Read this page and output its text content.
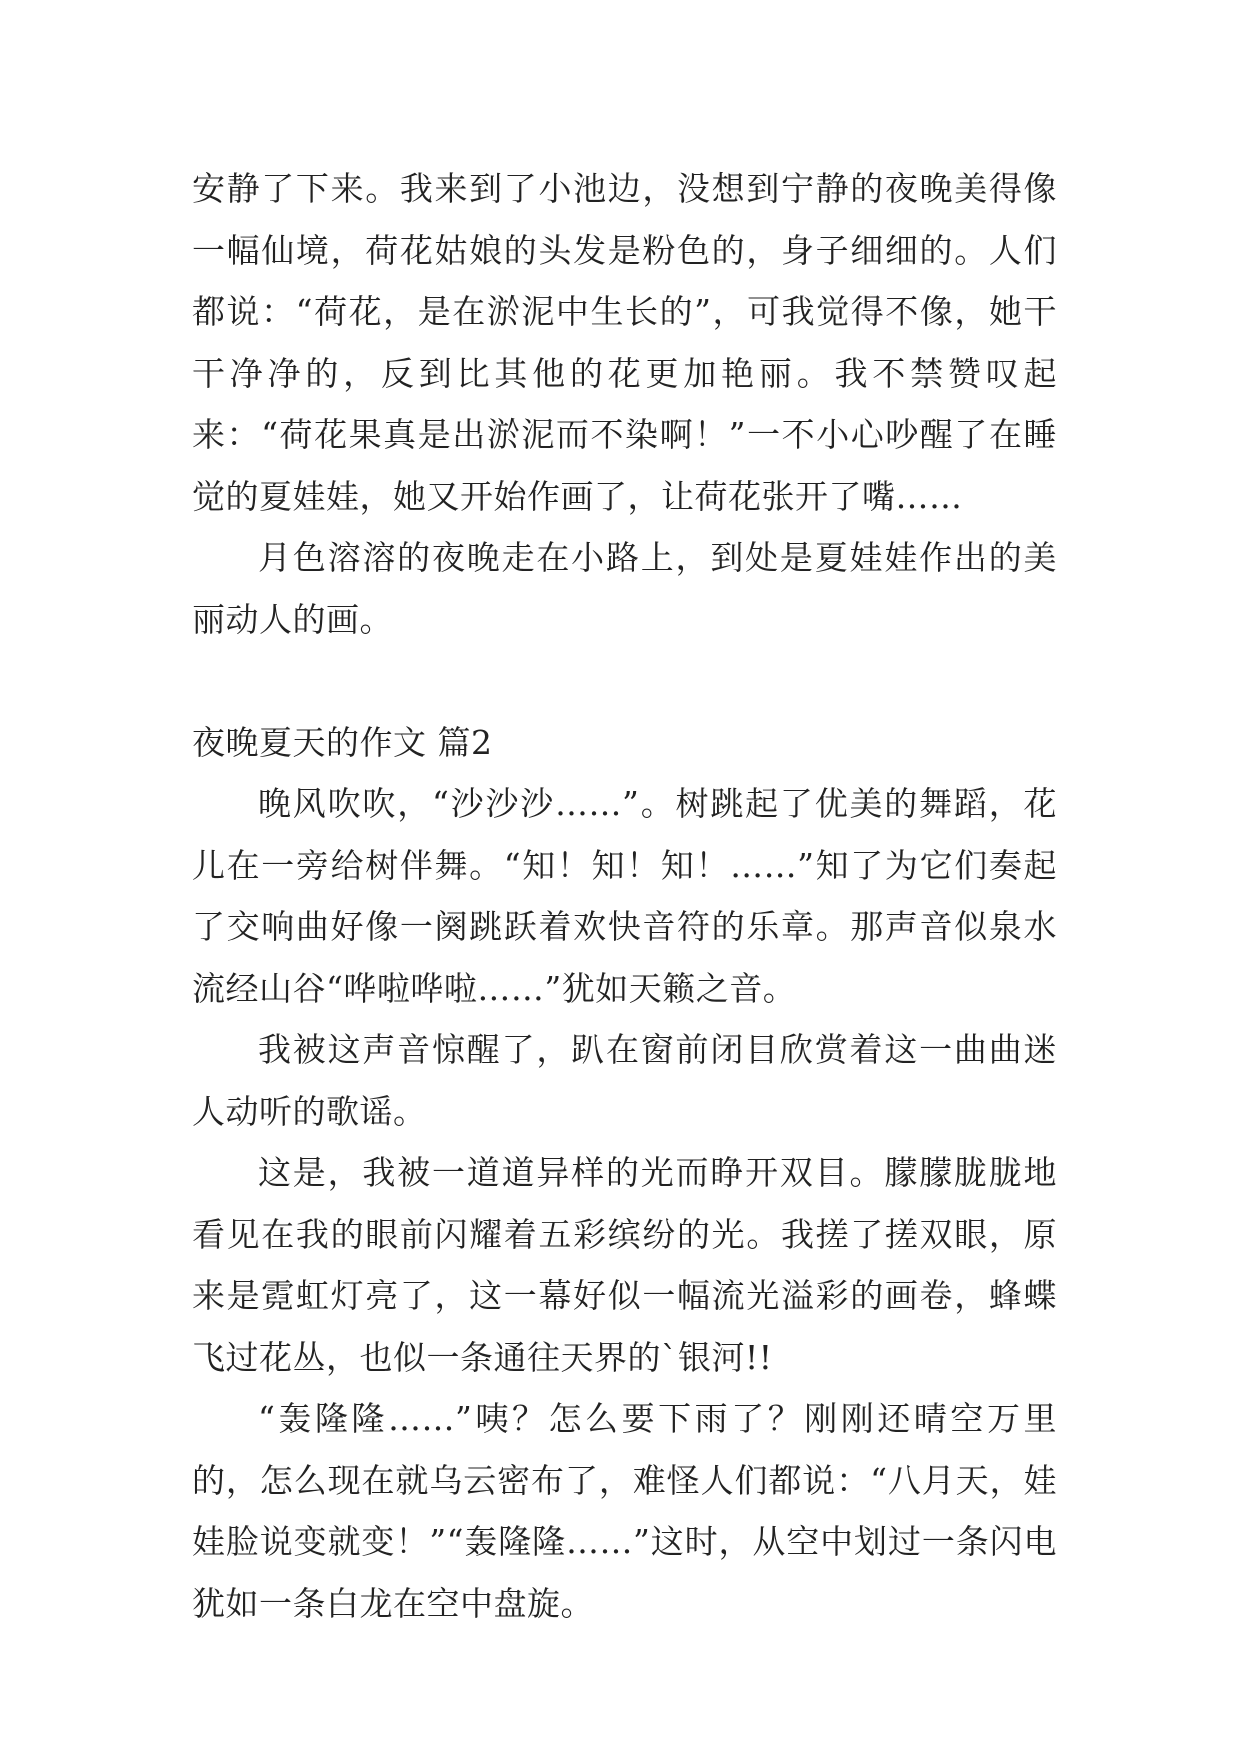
安静了下来。我来到了小池边，没想到宁静的夜晚美得像一幅仙境，荷花姑娘的头发是粉色的，身子细细的。人们都说：“荷花，是在淤泥中生长的”，可我觉得不像，她干干净净的，反到比其他的花更加艳丽。我不禁赞叹起来：“荷花果真是出淤泥而不染啊！”一不小心吵醒了在睡觉的夏娃娃，她又开始作画了，让荷花张开了嘴……

月色溶溶的夜晚走在小路上，到处是夏娃娃作出的美丽动人的画。

夜晚夏天的作文 篇2

晚风吹吹，“沙沙沙……”。树跳起了优美的舞蹈，花儿在一旁给树伴舞。“知！知！知！……”知了为它们奏起了交响曲好像一阕跳跃着欢快音符的乐章。那声音似泉水流经山谷“哗啦哗啦……”犹如天籁之音。

我被这声音惊醒了，趴在窗前闭目欣赏着这一曲曲迷人动听的歌谣。

这是，我被一道道异样的光而睁开双目。朦朦胧胧地看见在我的眼前闪耀着五彩缤纷的光。我搓了搓双眼，原来是霓虹灯亮了，这一幕好似一幅流光溢彩的画卷，蜂蝶飞过花丛，也似一条通往天界的`银河!!

“轰隆隆……”咦？怎么要下雨了？刚刚还晴空万里的，怎么现在就乌云密布了，难怪人们都说：“八月天，娃娃脸说变就变！”“轰隆隆……”这时，从空中划过一条闪电犹如一条白龙在空中盘旋。
